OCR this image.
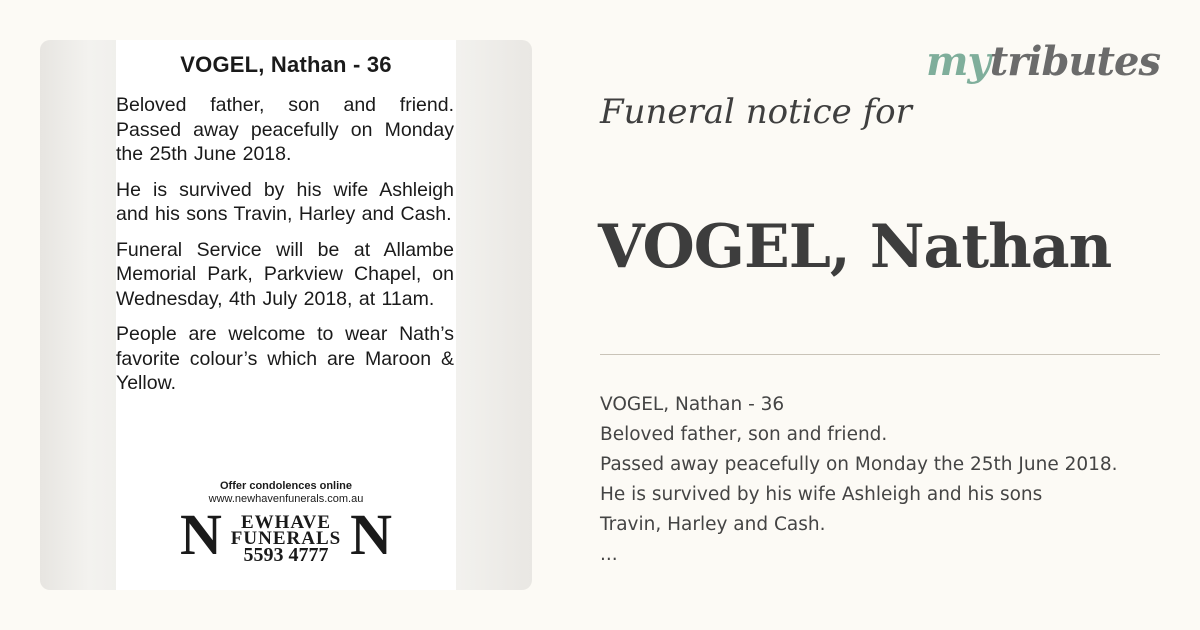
VOGEL, Nathan - 36
Beloved father, son and friend. Passed away peacefully on Monday the 25th June 2018.
He is survived by his wife Ashleigh and his sons Travin, Harley and Cash.
Funeral Service will be at Allambe Memorial Park, Parkview Chapel, on Wednesday, 4th July 2018, at 11am.
People are welcome to wear Nath’s favorite colour’s which are Maroon & Yellow.
Offer condolences online
www.newhavenfunerals.com.au
N	EWHAVE
FUNERALS
5593 4777 N
mytributes
Funeral notice for
VOGEL, Nathan
VOGEL, Nathan - 36
Beloved father, son and friend.
Passed away peacefully on Monday the 25th June 2018.
He is survived by his wife Ashleigh and his sons
Travin, Harley and Cash.
...
